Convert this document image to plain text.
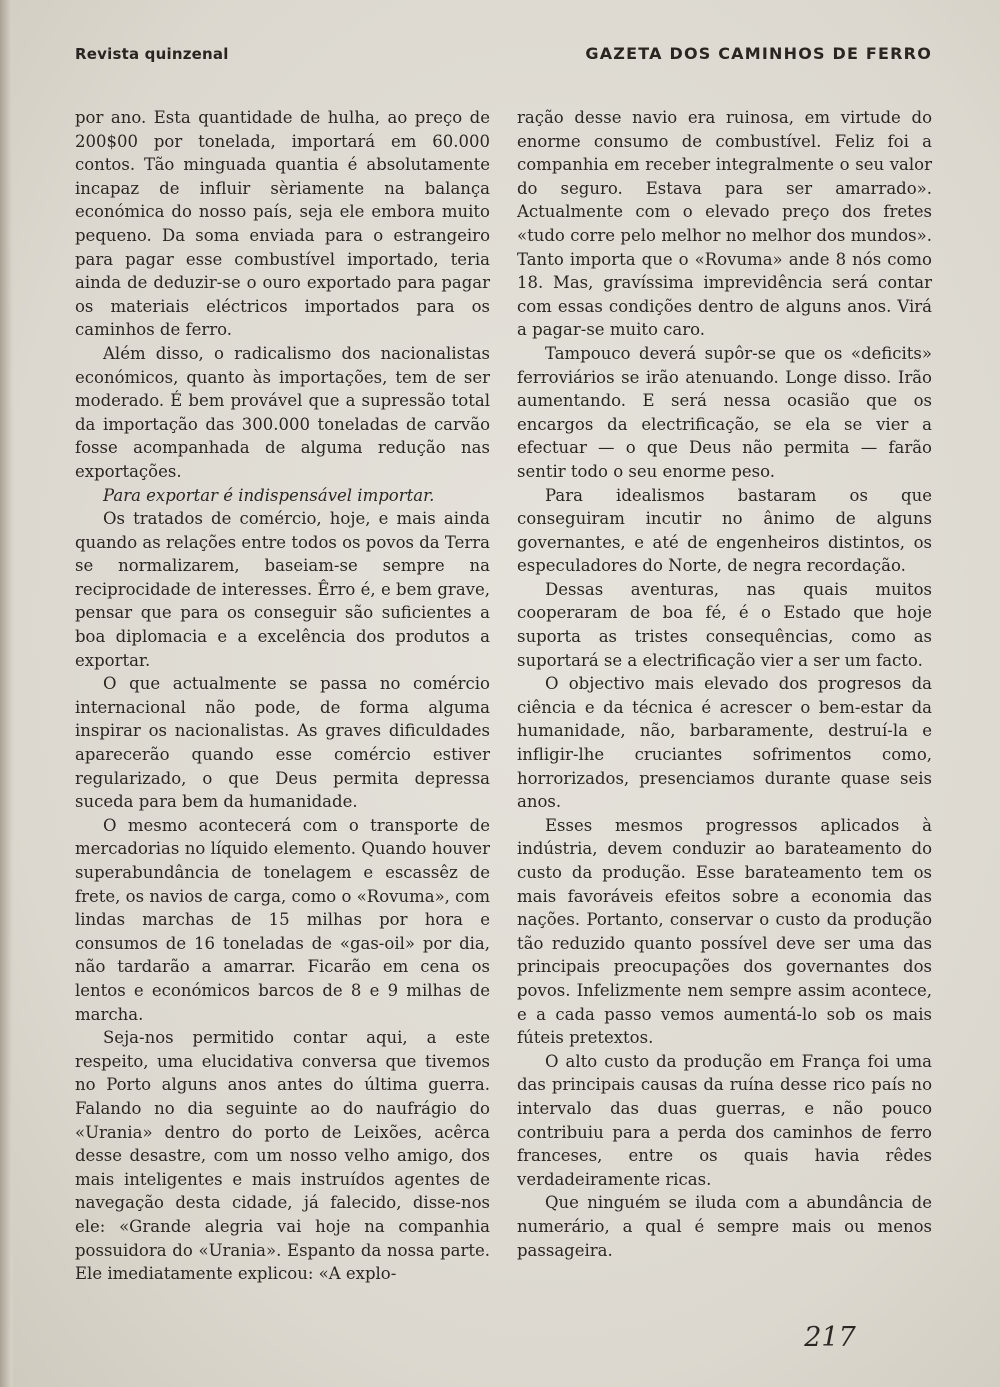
Revista quinzenal	GAZETA DOS CAMINHOS DE FERRO

por ano. Esta quantidade de hulha, ao preço de 200$00 por tonelada, importará em 60.000 contos. Tão minguada quantia é absolutamente incapaz de influir sèriamente na balança económica do nosso país, seja ele embora muito pequeno. Da soma enviada para o estrangeiro para pagar esse combustível importado, teria ainda de deduzir-se o ouro exportado para pagar os materiais eléctricos importados para os caminhos de ferro.

Além disso, o radicalismo dos nacionalistas económicos, quanto às importações, tem de ser moderado. É bem provável que a supressão total da importação das 300.000 toneladas de carvão fosse acompanhada de alguma redução nas exportações.

Para exportar é indispensável importar.

Os tratados de comércio, hoje, e mais ainda quando as relações entre todos os povos da Terra se normalizarem, baseiam-se sempre na reciprocidade de interesses. Êrro é, e bem grave, pensar que para os conseguir são suficientes a boa diplomacia e a excelência dos produtos a exportar.

O que actualmente se passa no comércio internacional não pode, de forma alguma inspirar os nacionalistas. As graves dificuldades aparecerão quando esse comércio estiver regularizado, o que Deus permita depressa suceda para bem da humanidade.

O mesmo acontecerá com o transporte de mercadorias no líquido elemento. Quando houver superabundância de tonelagem e escassêz de frete, os navios de carga, como o «Rovuma», com lindas marchas de 15 milhas por hora e consumos de 16 toneladas de «gas-oil» por dia, não tardarão a amarrar. Ficarão em cena os lentos e económicos barcos de 8 e 9 milhas de marcha.

Seja-nos permitido contar aqui, a este respeito, uma elucidativa conversa que tivemos no Porto alguns anos antes do última guerra. Falando no dia seguinte ao do naufrágio do «Urania» dentro do porto de Leixões, acêrca desse desastre, com um nosso velho amigo, dos mais inteligentes e mais instruídos agentes de navegação desta cidade, já falecido, disse-nos ele: «Grande alegria vai hoje na companhia possuidora do «Urania». Espanto da nossa parte. Ele imediatamente explicou: «A explo-

ração desse navio era ruinosa, em virtude do enorme consumo de combustível. Feliz foi a companhia em receber integralmente o seu valor do seguro. Estava para ser amarrado». Actualmente com o elevado preço dos fretes «tudo corre pelo melhor no melhor dos mundos». Tanto importa que o «Rovuma» ande 8 nós como 18. Mas, gravíssima imprevidência será contar com essas condições dentro de alguns anos. Virá a pagar-se muito caro.

Tampouco deverá supôr-se que os «deficits» ferroviários se irão atenuando. Longe disso. Irão aumentando. E será nessa ocasião que os encargos da electrificação, se ela se vier a efectuar — o que Deus não permita — farão sentir todo o seu enorme peso.

Para idealismos bastaram os que conseguiram incutir no ânimo de alguns governantes, e até de engenheiros distintos, os especuladores do Norte, de negra recordação.

Dessas aventuras, nas quais muitos cooperaram de boa fé, é o Estado que hoje suporta as tristes consequências, como as suportará se a electrificação vier a ser um facto.

O objectivo mais elevado dos progresos da ciência e da técnica é acrescer o bem-estar da humanidade, não, barbaramente, destruí-la e infligir-lhe cruciantes sofrimentos como, horrorizados, presenciamos durante quase seis anos.

Esses mesmos progressos aplicados à indústria, devem conduzir ao barateamento do custo da produção. Esse barateamento tem os mais favoráveis efeitos sobre a economia das nações. Portanto, conservar o custo da produção tão reduzido quanto possível deve ser uma das principais preocupações dos governantes dos povos. Infelizmente nem sempre assim acontece, e a cada passo vemos aumentá-lo sob os mais fúteis pretextos.

O alto custo da produção em França foi uma das principais causas da ruína desse rico país no intervalo das duas guerras, e não pouco contribuiu para a perda dos caminhos de ferro franceses, entre os quais havia rêdes verdadeiramente ricas.

Que ninguém se iluda com a abundância de numerário, a qual é sempre mais ou menos passageira.

217
